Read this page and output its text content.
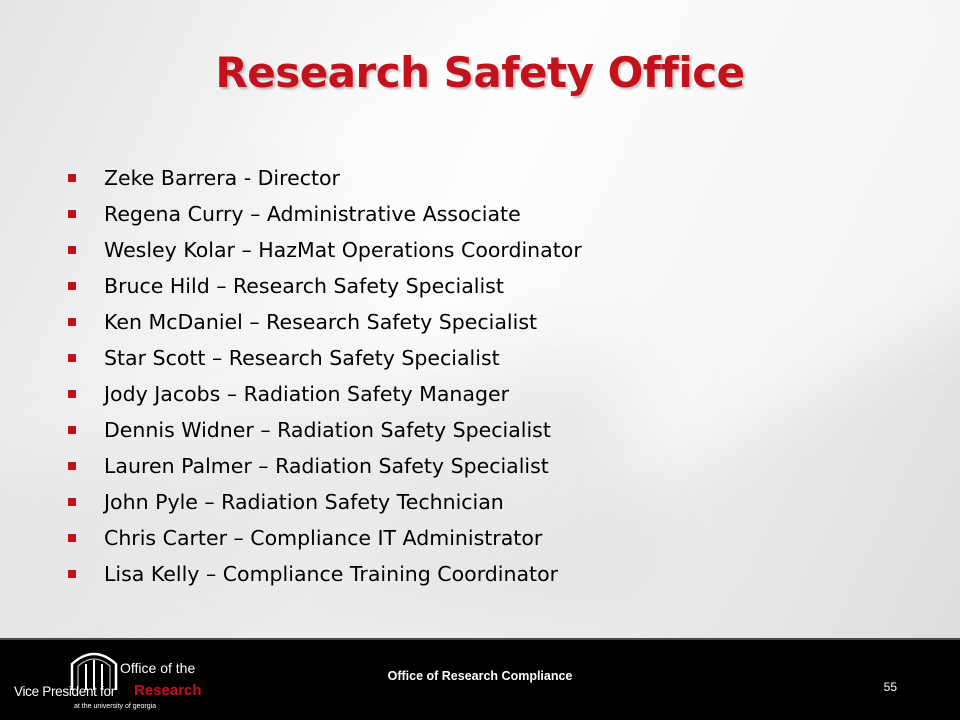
Research Safety Office
Zeke Barrera - Director
Regena Curry – Administrative Associate
Wesley Kolar – HazMat Operations Coordinator
Bruce Hild – Research Safety Specialist
Ken McDaniel – Research Safety Specialist
Star Scott – Research Safety Specialist
Jody Jacobs – Radiation Safety Manager
Dennis Widner – Radiation Safety Specialist
Lauren Palmer – Radiation Safety Specialist
John Pyle – Radiation Safety Technician
Chris Carter – Compliance IT Administrator
Lisa Kelly – Compliance Training Coordinator
Office of the
Vice President for Research
at the university of georgia
Office of Research Compliance
55
